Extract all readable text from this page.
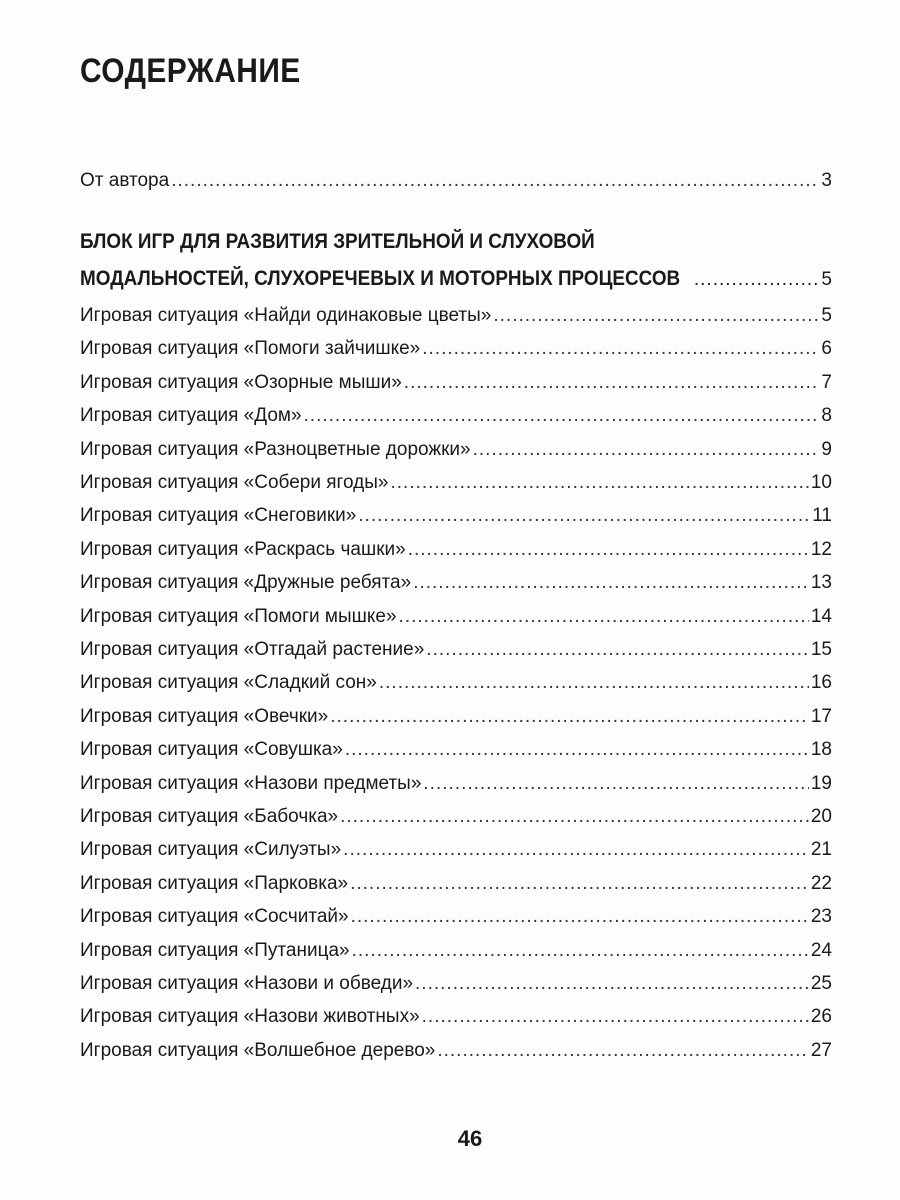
СОДЕРЖАНИЕ
От автора .....	3
БЛОК ИГР ДЛЯ РАЗВИТИЯ ЗРИТЕЛЬНОЙ И СЛУХОВОЙ
МОДАЛЬНОСТЕЙ, СЛУХОРЕЧЕВЫХ И МОТОРНЫХ ПРОЦЕССОВ .....	5
Игровая ситуация «Найди одинаковые цветы» .....	5
Игровая ситуация «Помоги зайчишке» .....	6
Игровая ситуация «Озорные мыши» .....	7
Игровая ситуация «Дом» .....	8
Игровая ситуация «Разноцветные дорожки» .....	9
Игровая ситуация «Собери ягоды» .....	10
Игровая ситуация «Снеговики» .....	11
Игровая ситуация «Раскрась чашки» .....	12
Игровая ситуация «Дружные ребята» .....	13
Игровая ситуация «Помоги мышке» .....	14
Игровая ситуация «Отгадай растение» .....	15
Игровая ситуация «Сладкий сон» .....	16
Игровая ситуация «Овечки» .....	17
Игровая ситуация «Совушка» .....	18
Игровая ситуация «Назови предметы» .....	19
Игровая ситуация «Бабочка» .....	20
Игровая ситуация «Силуэты» .....	21
Игровая ситуация «Парковка» .....	22
Игровая ситуация «Сосчитай» .....	23
Игровая ситуация «Путаница» .....	24
Игровая ситуация «Назови и обведи» .....	25
Игровая ситуация «Назови животных» .....	26
Игровая ситуация «Волшебное дерево» .....	27
46
